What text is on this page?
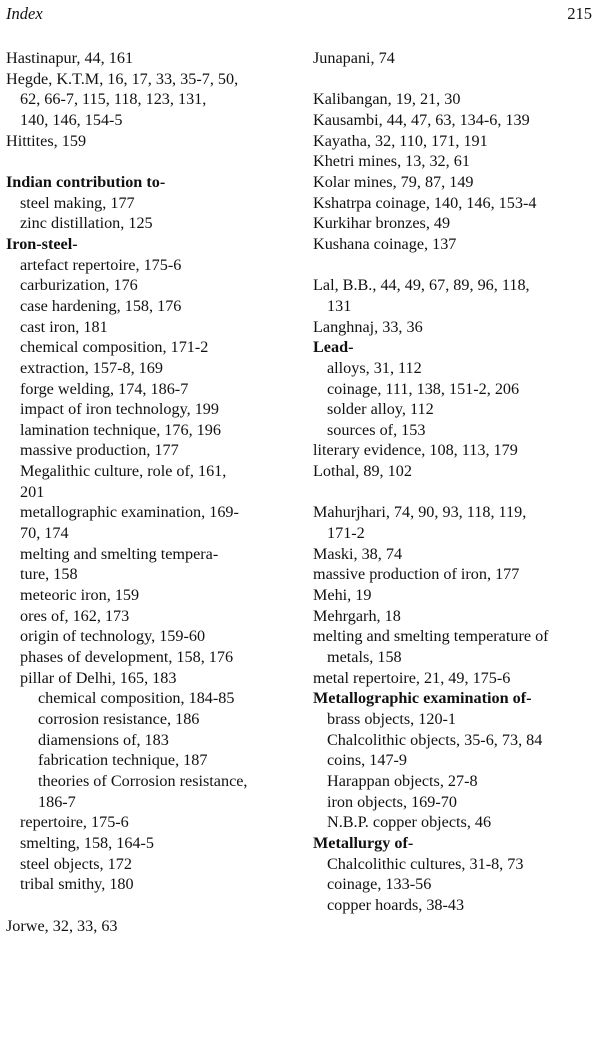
Index	215
Hastinapur, 44, 161
Hegde, K.T.M, 16, 17, 33, 35-7, 50,
62, 66-7, 115, 118, 123, 131,
140, 146, 154-5
Hittites, 159
Indian contribution to-
steel making, 177
zinc distillation, 125
Iron-steel-
artefact repertoire, 175-6
carburization, 176
case hardening, 158, 176
cast iron, 181
chemical composition, 171-2
extraction, 157-8, 169
forge welding, 174, 186-7
impact of iron technology, 199
lamination technique, 176, 196
massive production, 177
Megalithic culture, role of, 161,
201
metallographic examination, 169-
70, 174
melting and smelting tempera-
ture, 158
meteoric iron, 159
ores of, 162, 173
origin of technology, 159-60
phases of development, 158, 176
pillar of Delhi, 165, 183
chemical composition, 184-85
corrosion resistance, 186
diamensions of, 183
fabrication technique, 187
theories of Corrosion resistance,
186-7
repertoire, 175-6
smelting, 158, 164-5
steel objects, 172
tribal smithy, 180
Jorwe, 32, 33, 63
Junapani, 74
Kalibangan, 19, 21, 30
Kausambi, 44, 47, 63, 134-6, 139
Kayatha, 32, 110, 171, 191
Khetri mines, 13, 32, 61
Kolar mines, 79, 87, 149
Kshatrpa coinage, 140, 146, 153-4
Kurkihar bronzes, 49
Kushana coinage, 137
Lal, B.B., 44, 49, 67, 89, 96, 118,
131
Langhnaj, 33, 36
Lead-
alloys, 31, 112
coinage, 111, 138, 151-2, 206
solder alloy, 112
sources of, 153
literary evidence, 108, 113, 179
Lothal, 89, 102
Mahurjhari, 74, 90, 93, 118, 119,
171-2
Maski, 38, 74
massive production of iron, 177
Mehi, 19
Mehrgarh, 18
melting and smelting temperature of
metals, 158
metal repertoire, 21, 49, 175-6
Metallographic examination of-
brass objects, 120-1
Chalcolithic objects, 35-6, 73, 84
coins, 147-9
Harappan objects, 27-8
iron objects, 169-70
N.B.P. copper objects, 46
Metallurgy of-
Chalcolithic cultures, 31-8, 73
coinage, 133-56
copper hoards, 38-43
